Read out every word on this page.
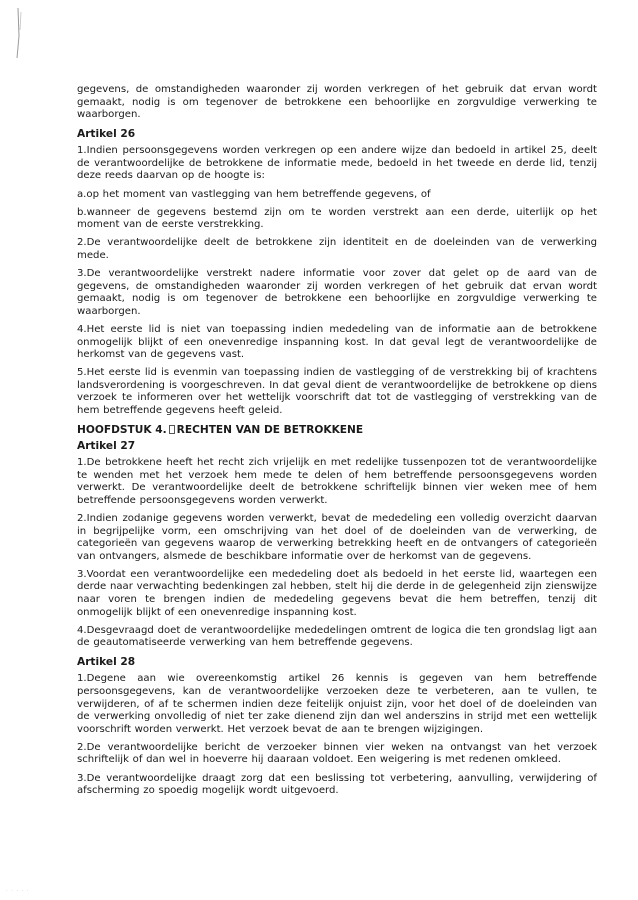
gegevens, de omstandigheden waaronder zij worden verkregen of het gebruik dat ervan wordt gemaakt, nodig is om tegenover de betrokkene een behoorlijke en zorgvuldige verwerking te waarborgen.

Artikel 26

1.Indien persoonsgegevens worden verkregen op een andere wijze dan bedoeld in artikel 25, deelt de verantwoordelijke de betrokkene de informatie mede, bedoeld in het tweede en derde lid, tenzij deze reeds daarvan op de hoogte is:

a.op het moment van vastlegging van hem betreffende gegevens, of

b.wanneer de gegevens bestemd zijn om te worden verstrekt aan een derde, uiterlijk op het moment van de eerste verstrekking.

2.De verantwoordelijke deelt de betrokkene zijn identiteit en de doeleinden van de verwerking mede.

3.De verantwoordelijke verstrekt nadere informatie voor zover dat gelet op de aard van de gegevens, de omstandigheden waaronder zij worden verkregen of het gebruik dat ervan wordt gemaakt, nodig is om tegenover de betrokkene een behoorlijke en zorgvuldige verwerking te waarborgen.

4.Het eerste lid is niet van toepassing indien mededeling van de informatie aan de betrokkene onmogelijk blijkt of een onevenredige inspanning kost. In dat geval legt de verantwoordelijke de herkomst van de gegevens vast.

5.Het eerste lid is evenmin van toepassing indien de vastlegging of de verstrekking bij of krachtens landsverordening is voorgeschreven. In dat geval dient de verantwoordelijke de betrokkene op diens verzoek te informeren over het wettelijk voorschrift dat tot de vastlegging of verstrekking van de hem betreffende gegevens heeft geleid.

HOOFDSTUK 4. RECHTEN VAN DE BETROKKENE
Artikel 27

1.De betrokkene heeft het recht zich vrijelijk en met redelijke tussenpozen tot de verantwoordelijke te wenden met het verzoek hem mede te delen of hem betreffende persoonsgegevens worden verwerkt. De verantwoordelijke deelt de betrokkene schriftelijk binnen vier weken mee of hem betreffende persoonsgegevens worden verwerkt.

2.Indien zodanige gegevens worden verwerkt, bevat de mededeling een volledig overzicht daarvan in begrijpelijke vorm, een omschrijving van het doel of de doeleinden van de verwerking, de categorieën van gegevens waarop de verwerking betrekking heeft en de ontvangers of categorieën van ontvangers, alsmede de beschikbare informatie over de herkomst van de gegevens.

3.Voordat een verantwoordelijke een mededeling doet als bedoeld in het eerste lid, waartegen een derde naar verwachting bedenkingen zal hebben, stelt hij die derde in de gelegenheid zijn zienswijze naar voren te brengen indien de mededeling gegevens bevat die hem betreffen, tenzij dit onmogelijk blijkt of een onevenredige inspanning kost.

4.Desgevraagd doet de verantwoordelijke mededelingen omtrent de logica die ten grondslag ligt aan de geautomatiseerde verwerking van hem betreffende gegevens.

Artikel 28

1.Degene aan wie overeenkomstig artikel 26 kennis is gegeven van hem betreffende persoonsgegevens, kan de verantwoordelijke verzoeken deze te verbeteren, aan te vullen, te verwijderen, of af te schermen indien deze feitelijk onjuist zijn, voor het doel of de doeleinden van de verwerking onvolledig of niet ter zake dienend zijn dan wel anderszins in strijd met een wettelijk voorschrift worden verwerkt. Het verzoek bevat de aan te brengen wijzigingen.

2.De verantwoordelijke bericht de verzoeker binnen vier weken na ontvangst van het verzoek schriftelijk of dan wel in hoeverre hij daaraan voldoet. Een weigering is met redenen omkleed.

3.De verantwoordelijke draagt zorg dat een beslissing tot verbetering, aanvulling, verwijdering of afscherming zo spoedig mogelijk wordt uitgevoerd.

· · · · ·
